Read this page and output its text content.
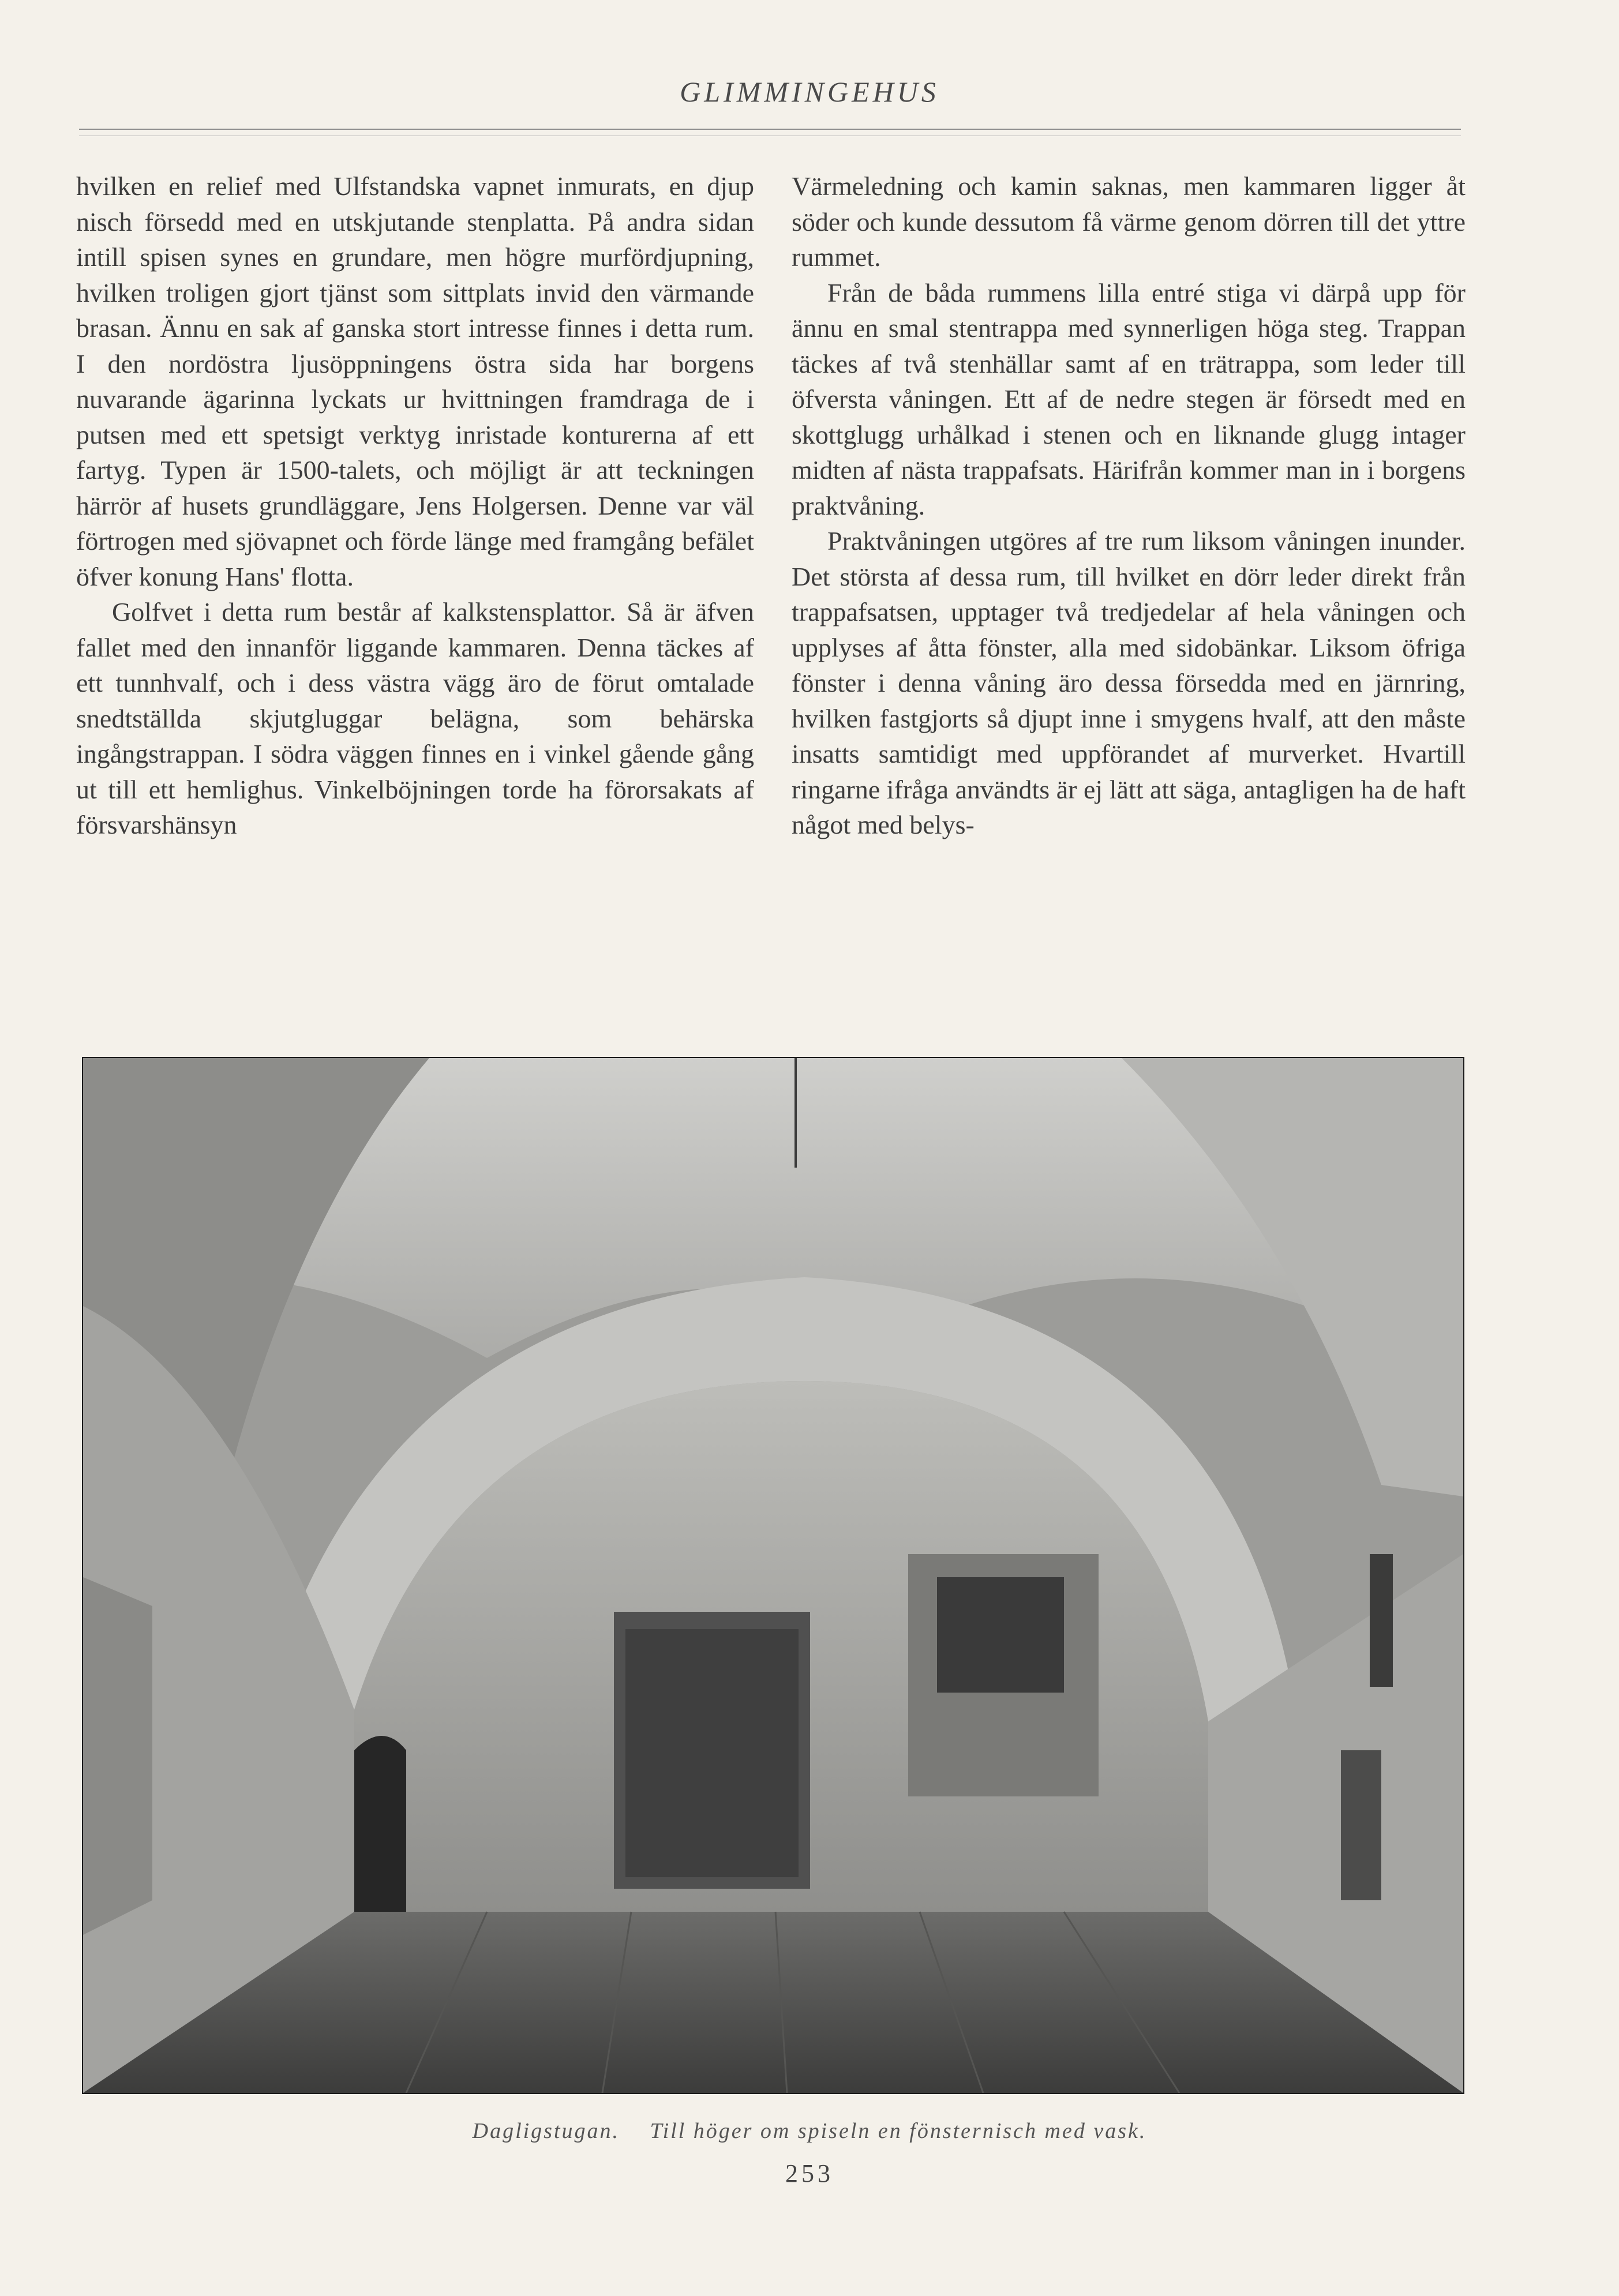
GLIMMINGEHUS

hvilken en relief med Ulfstandska vapnet inmurats, en djup nisch försedd med en utskjutande stenplatta. På andra sidan intill spisen synes en grundare, men högre murfördjupning, hvilken troligen gjort tjänst som sittplats invid den värmande brasan. Ännu en sak af ganska stort intresse finnes i detta rum. I den nordöstra ljusöppningens östra sida har borgens nuvarande ägarinna lyckats ur hvittningen framdraga de i putsen med ett spetsigt verktyg inristade konturerna af ett fartyg. Typen är 1500-talets, och möjligt är att teckningen härrör af husets grundläggare, Jens Holgersen. Denne var väl förtrogen med sjövapnet och förde länge med framgång befälet öfver konung Hans' flotta.

Golfvet i detta rum består af kalkstensplattor. Så är äfven fallet med den innanför liggande kammaren. Denna täckes af ett tunnhvalf, och i dess västra vägg äro de förut omtalade snedtställda skjutgluggar belägna, som behärska ingångstrappan. I södra väggen finnes en i vinkel gående gång ut till ett hemlighus. Vinkelböjningen torde ha förorsakats af försvarshänsyn

Värmeledning och kamin saknas, men kammaren ligger åt söder och kunde dessutom få värme genom dörren till det yttre rummet.

Från de båda rummens lilla entré stiga vi därpå upp för ännu en smal stentrappa med synnerligen höga steg. Trappan täckes af två stenhällar samt af en trätrappa, som leder till öfversta våningen. Ett af de nedre stegen är försedt med en skottglugg urhålkad i stenen och en liknande glugg intager midten af nästa trappafsats. Härifrån kommer man in i borgens praktvåning.

Praktvåningen utgöres af tre rum liksom våningen inunder. Det största af dessa rum, till hvilket en dörr leder direkt från trappafsatsen, upptager två tredjedelar af hela våningen och upplyses af åtta fönster, alla med sidobänkar. Liksom öfriga fönster i denna våning äro dessa försedda med en järnring, hvilken fastgjorts så djupt inne i smygens hvalf, att den måste insatts samtidigt med uppförandet af murverket. Hvartill ringarne ifråga användts är ej lätt att säga, antagligen ha de haft något med belys-

Dagligstugan. Till höger om spiseln en fönsternisch med vask.
253
